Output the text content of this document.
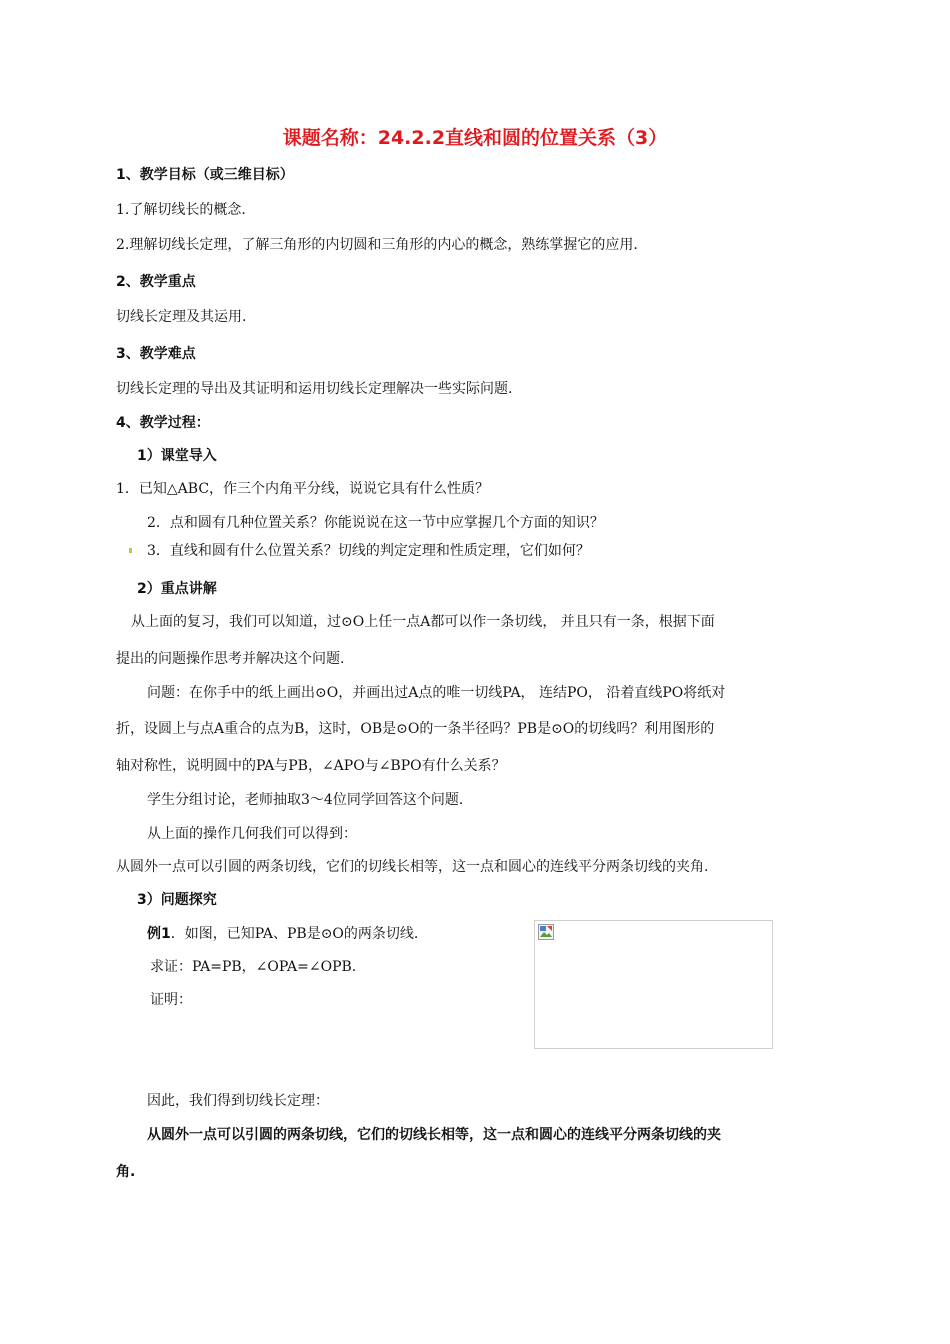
课题名称：24.2.2直线和圆的位置关系（3）
1、教学目标（或三维目标）
1.了解切线长的概念.
2.理解切线长定理，了解三角形的内切圆和三角形的内心的概念，熟练掌握它的应用.
2、教学重点
切线长定理及其运用.
3、教学难点
切线长定理的导出及其证明和运用切线长定理解决一些实际问题.
4、教学过程：
1）课堂导入
1．已知△ABC，作三个内角平分线，说说它具有什么性质？
2．点和圆有几种位置关系？你能说说在这一节中应掌握几个方面的知识？
3．直线和圆有什么位置关系？切线的判定定理和性质定理，它们如何？
2）重点讲解
从上面的复习，我们可以知道，过⊙O上任一点A都可以作一条切线， 并且只有一条，根据下面
提出的问题操作思考并解决这个问题.
问题：在你手中的纸上画出⊙O，并画出过A点的唯一切线PA， 连结PO， 沿着直线PO将纸对
折，设圆上与点A重合的点为B，这时，OB是⊙O的一条半径吗？PB是⊙O的切线吗？利用图形的
轴对称性，说明圆中的PA与PB，∠APO与∠BPO有什么关系？
学生分组讨论，老师抽取3～4位同学回答这个问题.
从上面的操作几何我们可以得到：
从圆外一点可以引圆的两条切线，它们的切线长相等，这一点和圆心的连线平分两条切线的夹角.
3）问题探究
例1．如图，已知PA、PB是⊙O的两条切线.
求证：PA=PB，∠OPA=∠OPB.
证明：
因此，我们得到切线长定理：
从圆外一点可以引圆的两条切线，它们的切线长相等，这一点和圆心的连线平分两条切线的夹
角.
